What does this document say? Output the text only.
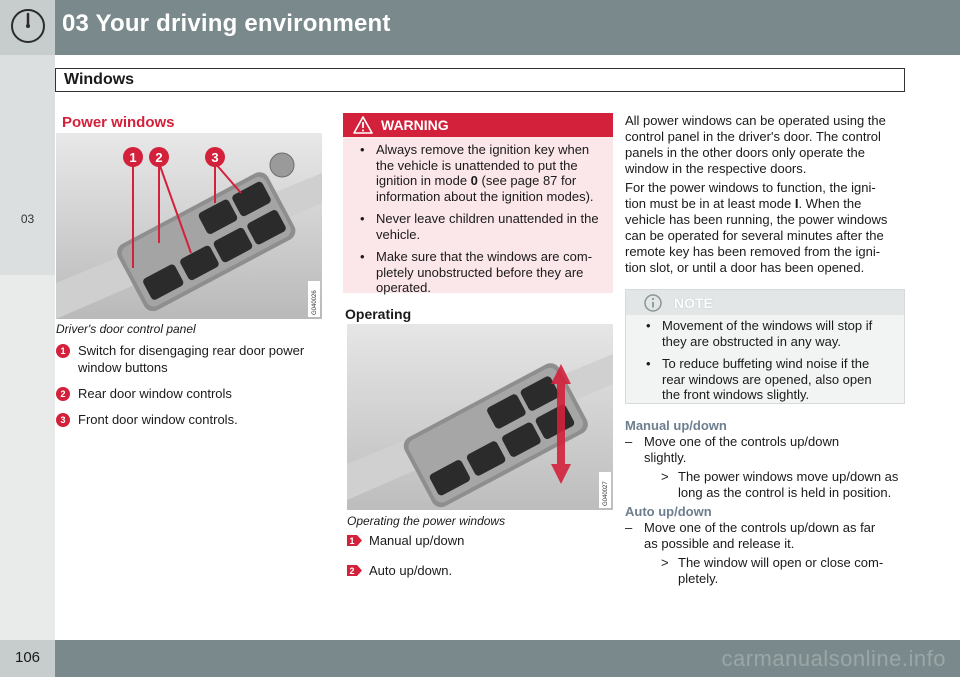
03 Your driving environment
Windows
03
Power windows
1 2	3
G040026
Driver's door control panel
1 Switch for disengaging rear door power
window buttons
2 Rear door window controls
3 Front door window controls.
WARNING
• Always remove the ignition key when
the vehicle is unattended to put the
ignition in mode 0 (see page 87 for
information about the ignition modes).
• Never leave children unattended in the
vehicle.
• Make sure that the windows are com-
pletely unobstructed before they are
operated.
Operating
G040027
Operating the power windows
1 Manual up/down
2 Auto up/down.
All power windows can be operated using the
control panel in the driver's door. The control
panels in the other doors only operate the
window in the respective doors.
For the power windows to function, the igni-
tion must be in at least mode I. When the
vehicle has been running, the power windows
can be operated for several minutes after the
remote key has been removed from the igni-
tion slot, or until a door has been opened.
NOTE
• Movement of the windows will stop if
they are obstructed in any way.
• To reduce buffeting wind noise if the
rear windows are opened, also open
the front windows slightly.
Manual up/down
– Move one of the controls up/down
slightly.
> The power windows move up/down as
long as the control is held in position.
Auto up/down
– Move one of the controls up/down as far
as possible and release it.
> The window will open or close com-
pletely.
106	carmanualsonline.info
